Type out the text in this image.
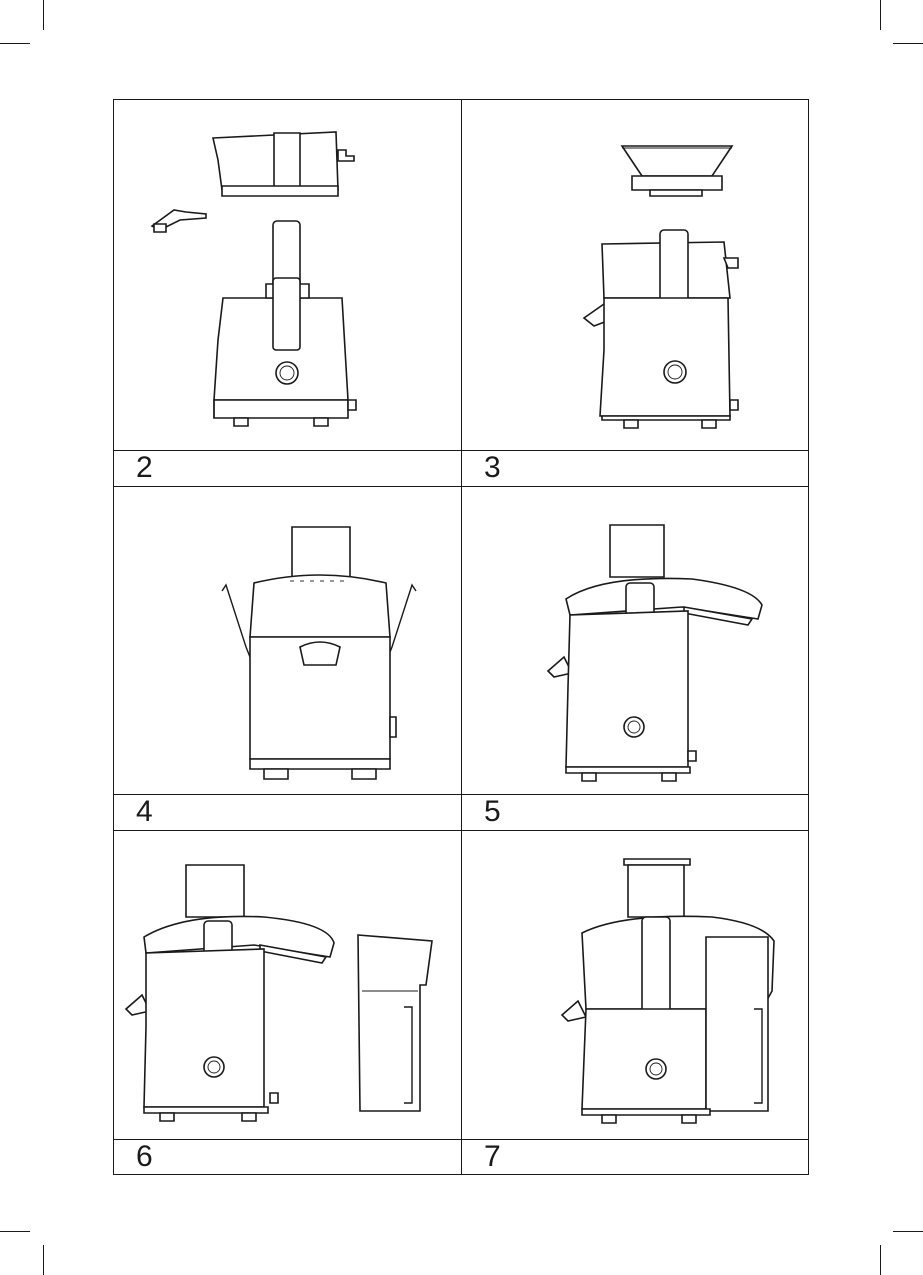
2	3
4	5
6	7
